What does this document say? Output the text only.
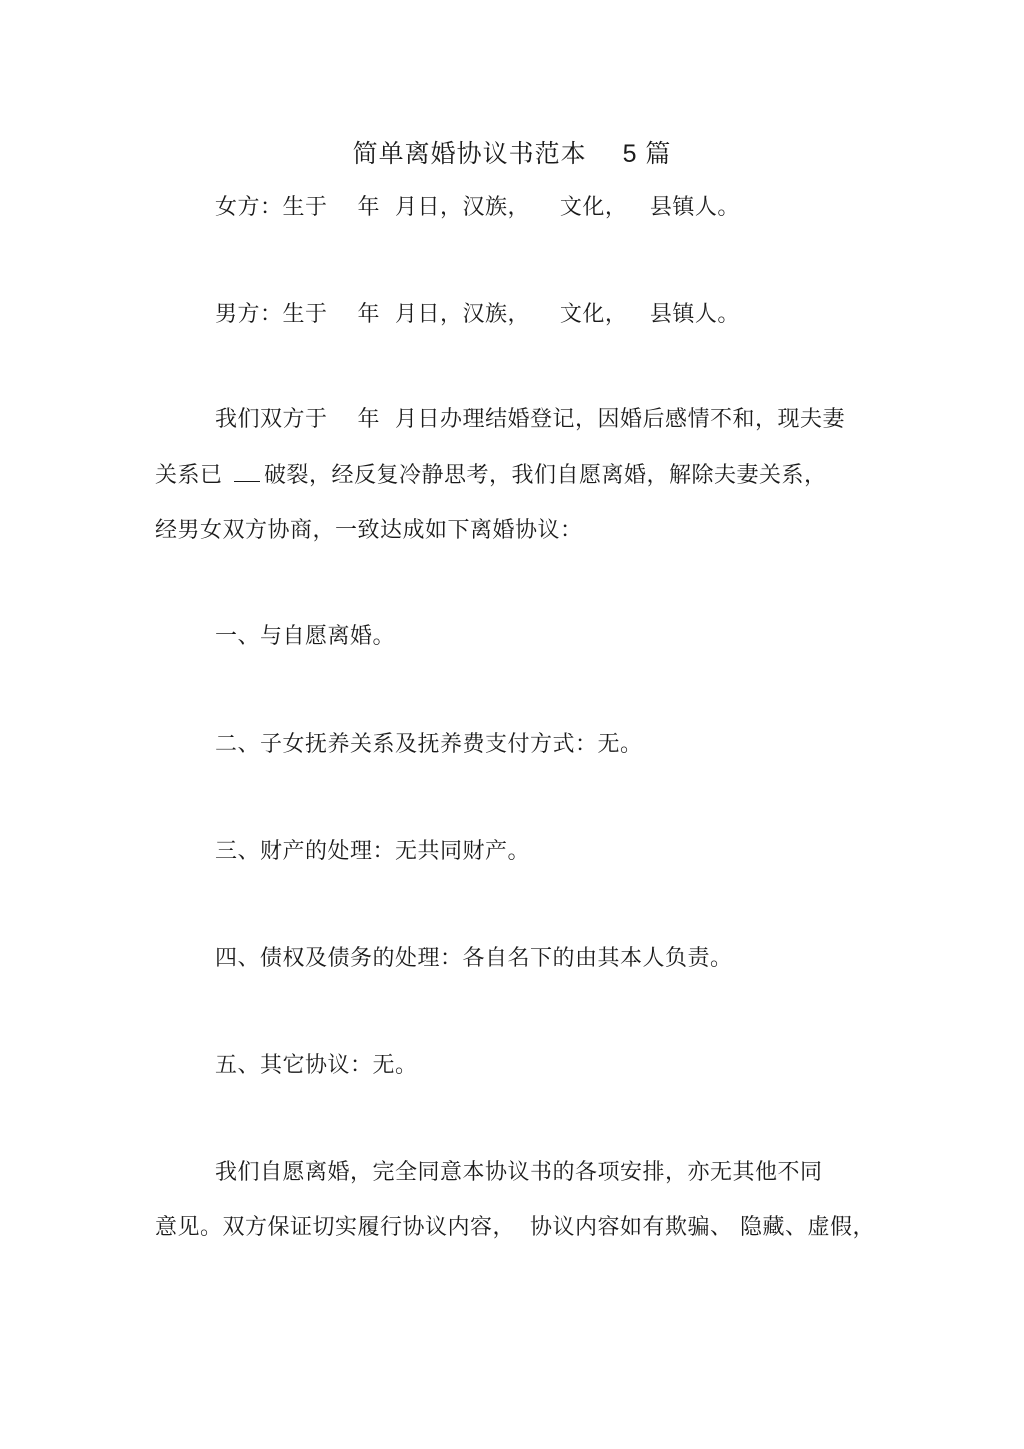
简单离婚协议书范本 5 篇
女方：生于    年  月日，汉族，    文化，   县镇人。
男方：生于    年  月日，汉族，    文化，   县镇人。
我们双方于    年  月日办理结婚登记，因婚后感情不和，现夫妻
关系已 破裂，经反复冷静思考，我们自愿离婚，解除夫妻关系，
经男女双方协商，一致达成如下离婚协议：
一、与自愿离婚。
二、子女抚养关系及抚养费支付方式：无。
三、财产的处理：无共同财产。
四、债权及债务的处理：各自名下的由其本人负责。
五、其它协议：无。
我们自愿离婚，完全同意本协议书的各项安排，亦无其他不同
意见。双方保证切实履行协议内容，  协议内容如有欺骗、 隐藏、虚假，
